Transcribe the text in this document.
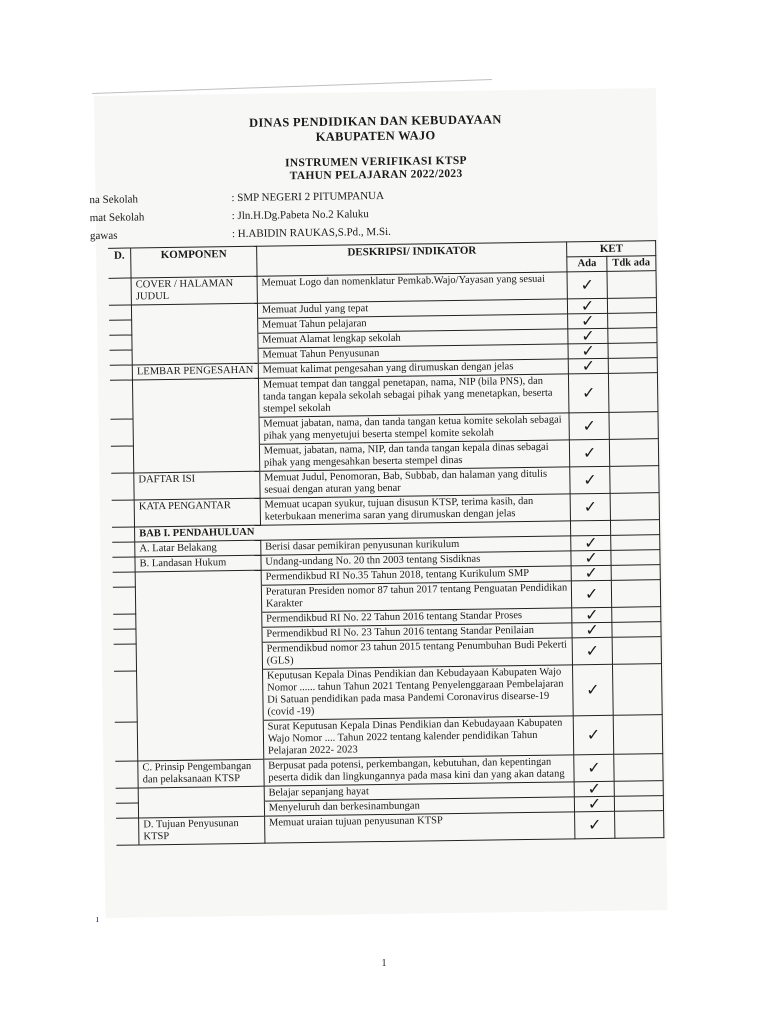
DINAS PENDIDIKAN DAN KEBUDAYAAN
KABUPATEN WAJO
INSTRUMEN VERIFIKASI KTSP
TAHUN PELAJARAN 2022/2023
na Sekolah	: SMP NEGERI 2 PITUMPANUA
mat Sekolah	: Jln.H.Dg.Pabeta No.2 Kaluku
gawas	: H.ABIDIN RAUKAS,S.Pd., M.Si.
D.	KOMPONEN	DESKRIPSI/ INDIKATOR	KET	
			Ada	Tdk ada
	COVER / HALAMAN JUDUL	Memuat Logo dan nomenklatur Pemkab.Wajo/Yayasan yang sesuai	✓	
		Memuat Judul yang tepat	✓	
		Memuat Tahun pelajaran	✓	
		Memuat Alamat lengkap sekolah	✓	
		Memuat Tahun Penyusunan	✓	
	LEMBAR PENGESAHAN	Memuat kalimat pengesahan yang dirumuskan dengan jelas	✓	
		Memuat tempat dan tanggal penetapan, nama, NIP (bila PNS), dan tanda tangan kepala sekolah sebagai pihak yang menetapkan, beserta stempel sekolah	✓	
		Memuat jabatan, nama, dan tanda tangan ketua komite sekolah sebagai pihak yang menyetujui beserta stempel komite sekolah	✓	
		Memuat, jabatan, nama, NIP, dan tanda tangan kepala dinas sebagai pihak yang mengesahkan beserta stempel dinas	✓	
	DAFTAR ISI	Memuat Judul, Penomoran, Bab, Subbab, dan halaman yang ditulis sesuai dengan aturan yang benar	✓	
	KATA PENGANTAR	Memuat ucapan syukur, tujuan disusun KTSP, terima kasih, dan keterbukaan menerima saran yang dirumuskan dengan jelas	✓	
	BAB I. PENDAHULUAN			
	A. Latar Belakang	Berisi dasar pemikiran penyusunan kurikulum	✓	
	B. Landasan Hukum	Undang-undang No. 20 thn 2003 tentang Sisdiknas	✓	
		Permendikbud RI No.35 Tahun 2018, tentang Kurikulum SMP	✓	
		Peraturan Presiden nomor 87 tahun 2017 tentang Penguatan Pendidikan Karakter	✓	
		Permendikbud RI No. 22 Tahun 2016 tentang Standar Proses	✓	
		Permendikbud RI No. 23 Tahun 2016 tentang Standar Penilaian	✓	
		Permendikbud nomor 23 tahun 2015 tentang Penumbuhan Budi Pekerti (GLS)	✓	
		Keputusan Kepala Dinas Pendikian dan Kebudayaan Kabupaten Wajo Nomor ...... tahun Tahun 2021 Tentang Penyelenggaraan Pembelajaran Di Satuan pendidikan pada masa Pandemi Coronavirus disearse-19 (covid -19)	✓	
		Surat Keputusan Kepala Dinas Pendikian dan Kebudayaan Kabupaten Wajo Nomor .... Tahun 2022 tentang kalender pendidikan Tahun Pelajaran 2022- 2023	✓	
	C. Prinsip Pengembangan dan pelaksanaan KTSP	Berpusat pada potensi, perkembangan, kebutuhan, dan kepentingan peserta didik dan lingkungannya pada masa kini dan yang akan datang	✓	
		Belajar sepanjang hayat	✓	
		Menyeluruh dan berkesinambungan	✓	
	D. Tujuan Penyusunan KTSP	Memuat uraian tujuan penyusunan KTSP	✓	
ı
1
